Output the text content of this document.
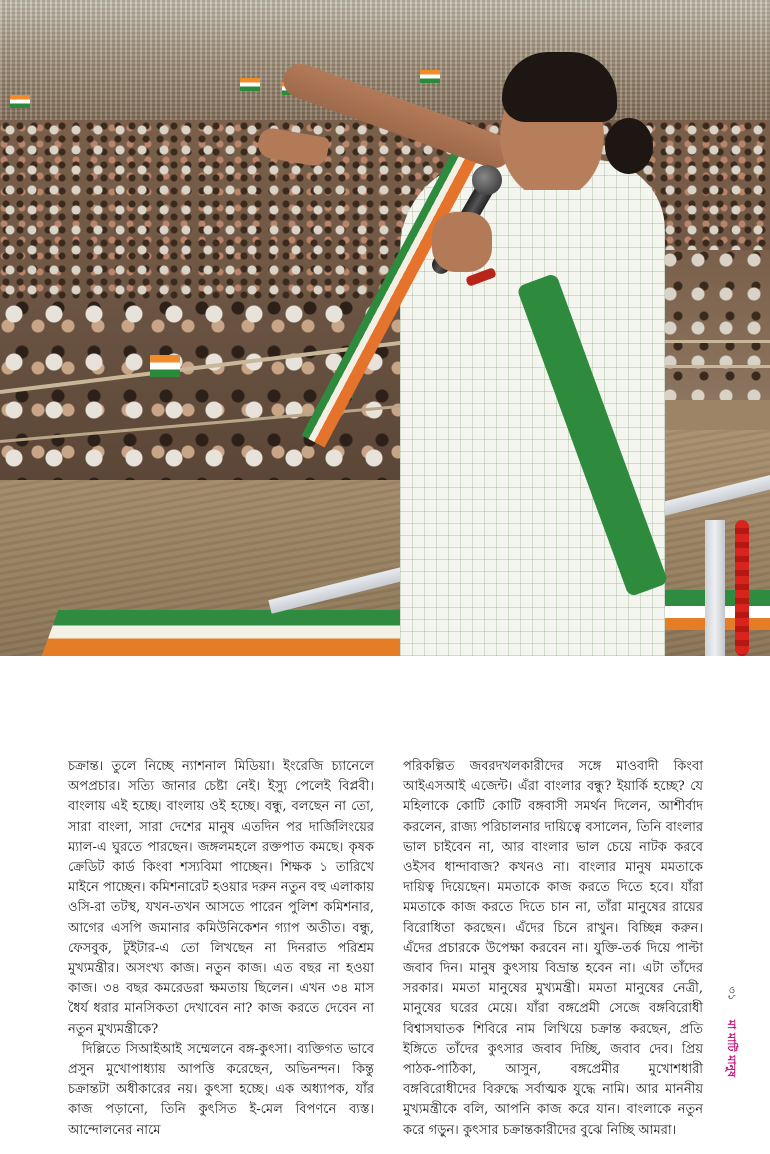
চক্রান্ত। তুলে নিচ্ছে ন্যাশনাল মিডিয়া। ইংরেজি চ্যানেলে অপপ্রচার। সত্যি জানার চেষ্টা নেই। ইস্যু পেলেই বিপ্লবী। বাংলায় এই হচ্ছে। বাংলায় ওই হচ্ছে। বন্ধু, বলছেন না তো, সারা বাংলা, সারা দেশের মানুষ এতদিন পর দার্জিলিংয়ের ম্যাল-এ ঘুরতে পারছেন। জঙ্গলমহলে রক্তপাত কমছে। কৃষক ক্রেডিট কার্ড কিংবা শস্যবিমা পাচ্ছেন। শিক্ষক ১ তারিখে মাইনে পাচ্ছেন। কমিশনারেট হওয়ার দরুন নতুন বহু এলাকায় ওসি-রা তটস্থ, যখন-তখন আসতে পারেন পুলিশ কমিশনার, আগের এসপি জমানার কমিউনিকেশন গ্যাপ অতীত। বন্ধু, ফেসবুক, টুইটার-এ তো লিখছেন না দিনরাত পরিশ্রম মুখ্যমন্ত্রীর। অসংখ্য কাজ। নতুন কাজ। এত বছর না হওয়া কাজ। ৩৪ বছর কমরেডরা ক্ষমতায় ছিলেন। এখন ৩৪ মাস ধৈর্য ধরার মানসিকতা দেখাবেন না? কাজ করতে দেবেন না নতুন মুখ্যমন্ত্রীকে?

দিল্লিতে সিআইআই সম্মেলনে বঙ্গ-কুৎসা। ব্যক্তিগত ভাবে প্রসুন মুখোপাধ্যায় আপত্তি করেছেন, অভিনন্দন। কিন্তু চক্রান্তটা অধীকারের নয়। কুৎসা হচ্ছে। এক অধ্যাপক, যাঁর কাজ পড়ানো, তিনি কুৎসিত ই-মেল বিপণনে ব্যস্ত। আন্দোলনের নামে

পরিকল্পিত জবরদখলকারীদের সঙ্গে মাওবাদী কিংবা আইএসআই এজেন্ট। এঁরা বাংলার বন্ধু? ইয়ার্কি হচ্ছে? যে মহিলাকে কোটি কোটি বঙ্গবাসী সমর্থন দিলেন, আশীর্বাদ করলেন, রাজ্য পরিচালনার দায়িত্বে বসালেন, তিনি বাংলার ভাল চাইবেন না, আর বাংলার ভাল চেয়ে নাটক করবে ওইসব ধান্দাবাজ? কখনও না। বাংলার মানুষ মমতাকে দায়িত্ব দিয়েছেন। মমতাকে কাজ করতে দিতে হবে। যাঁরা মমতাকে কাজ করতে দিতে চান না, তাঁরা মানুষের রায়ের বিরোধিতা করছেন। এঁদের চিনে রাখুন। বিচ্ছিন্ন করুন। এঁদের প্রচারকে উপেক্ষা করবেন না। যুক্তি-তর্ক দিয়ে পাল্টা জবাব দিন। মানুষ কুৎসায় বিভ্রান্ত হবেন না। এটা তাঁদের সরকার। মমতা মানুষের মুখ্যমন্ত্রী। মমতা মানুষের নেত্রী, মানুষের ঘরের মেয়ে। যাঁরা বঙ্গপ্রেমী সেজে বঙ্গবিরোধী বিশ্বাসঘাতক শিবিরে নাম লিখিয়ে চক্রান্ত করছেন, প্রতি ইঙ্গিতে তাঁদের কুৎসার জবাব দিচ্ছি, জবাব দেব। প্রিয় পাঠক-পাঠিকা, আসুন, বঙ্গপ্রেমীর মুখোশধারী বঙ্গবিরোধীদের বিরুদ্ধে সর্বাত্মক যুদ্ধে নামি। আর মাননীয় মুখ্যমন্ত্রীকে বলি, আপনি কাজ করে যান। বাংলাকে নতুন করে গড়ুন। কুৎসার চক্রান্তকারীদের বুঝে নিচ্ছি আমরা।

৩১
মা মাটি মানুষ
